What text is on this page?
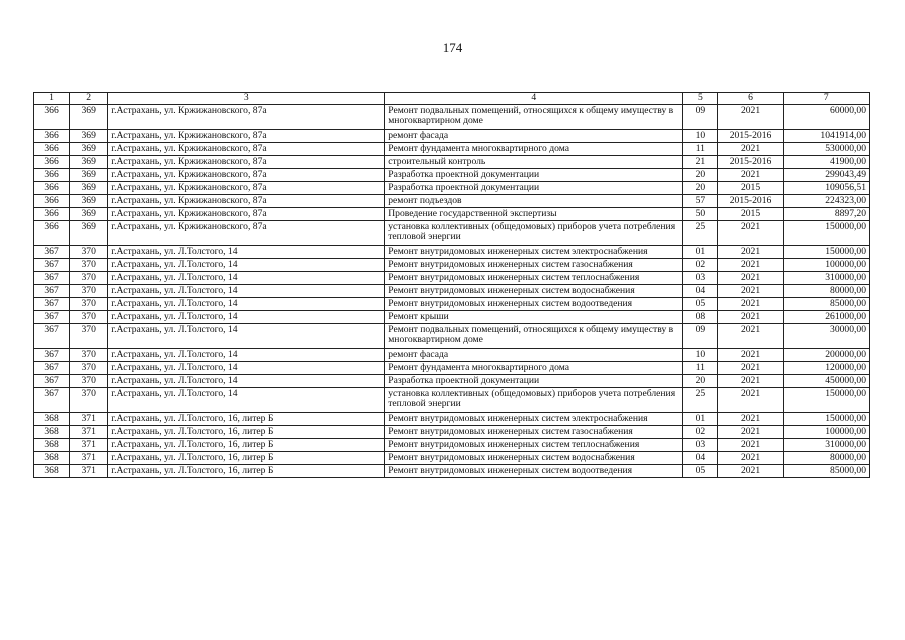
174
1	2	3	4	5	6	7
366	369	г.Астрахань, ул. Кржижановского, 87а	Ремонт подвальных помещений, относящихся к общему имуществу в многоквартирном доме	09	2021	60000,00
366	369	г.Астрахань, ул. Кржижановского, 87а	ремонт фасада	10	2015-2016	1041914,00
366	369	г.Астрахань, ул. Кржижановского, 87а	Ремонт фундамента многоквартирного дома	11	2021	530000,00
366	369	г.Астрахань, ул. Кржижановского, 87а	строительный контроль	21	2015-2016	41900,00
366	369	г.Астрахань, ул. Кржижановского, 87а	Разработка проектной документации	20	2021	299043,49
366	369	г.Астрахань, ул. Кржижановского, 87а	Разработка проектной документации	20	2015	109056,51
366	369	г.Астрахань, ул. Кржижановского, 87а	ремонт подъездов	57	2015-2016	224323,00
366	369	г.Астрахань, ул. Кржижановского, 87а	Проведение государственной экспертизы	50	2015	8897,20
366	369	г.Астрахань, ул. Кржижановского, 87а	установка коллективных (общедомовых) приборов учета потребления тепловой энергии	25	2021	150000,00
367	370	г.Астрахань, ул. Л.Толстого, 14	Ремонт внутридомовых инженерных систем электроснабжения	01	2021	150000,00
367	370	г.Астрахань, ул. Л.Толстого, 14	Ремонт внутридомовых инженерных систем газоснабжения	02	2021	100000,00
367	370	г.Астрахань, ул. Л.Толстого, 14	Ремонт внутридомовых инженерных систем теплоснабжения	03	2021	310000,00
367	370	г.Астрахань, ул. Л.Толстого, 14	Ремонт внутридомовых инженерных систем водоснабжения	04	2021	80000,00
367	370	г.Астрахань, ул. Л.Толстого, 14	Ремонт внутридомовых инженерных систем водоотведения	05	2021	85000,00
367	370	г.Астрахань, ул. Л.Толстого, 14	Ремонт крыши	08	2021	261000,00
367	370	г.Астрахань, ул. Л.Толстого, 14	Ремонт подвальных помещений, относящихся к общему имуществу в многоквартирном доме	09	2021	30000,00
367	370	г.Астрахань, ул. Л.Толстого, 14	ремонт фасада	10	2021	200000,00
367	370	г.Астрахань, ул. Л.Толстого, 14	Ремонт фундамента многоквартирного дома	11	2021	120000,00
367	370	г.Астрахань, ул. Л.Толстого, 14	Разработка проектной документации	20	2021	450000,00
367	370	г.Астрахань, ул. Л.Толстого, 14	установка коллективных (общедомовых) приборов учета потребления тепловой энергии	25	2021	150000,00
368	371	г.Астрахань, ул. Л.Толстого, 16, литер Б	Ремонт внутридомовых инженерных систем электроснабжения	01	2021	150000,00
368	371	г.Астрахань, ул. Л.Толстого, 16, литер Б	Ремонт внутридомовых инженерных систем газоснабжения	02	2021	100000,00
368	371	г.Астрахань, ул. Л.Толстого, 16, литер Б	Ремонт внутридомовых инженерных систем теплоснабжения	03	2021	310000,00
368	371	г.Астрахань, ул. Л.Толстого, 16, литер Б	Ремонт внутридомовых инженерных систем водоснабжения	04	2021	80000,00
368	371	г.Астрахань, ул. Л.Толстого, 16, литер Б	Ремонт внутридомовых инженерных систем водоотведения	05	2021	85000,00
